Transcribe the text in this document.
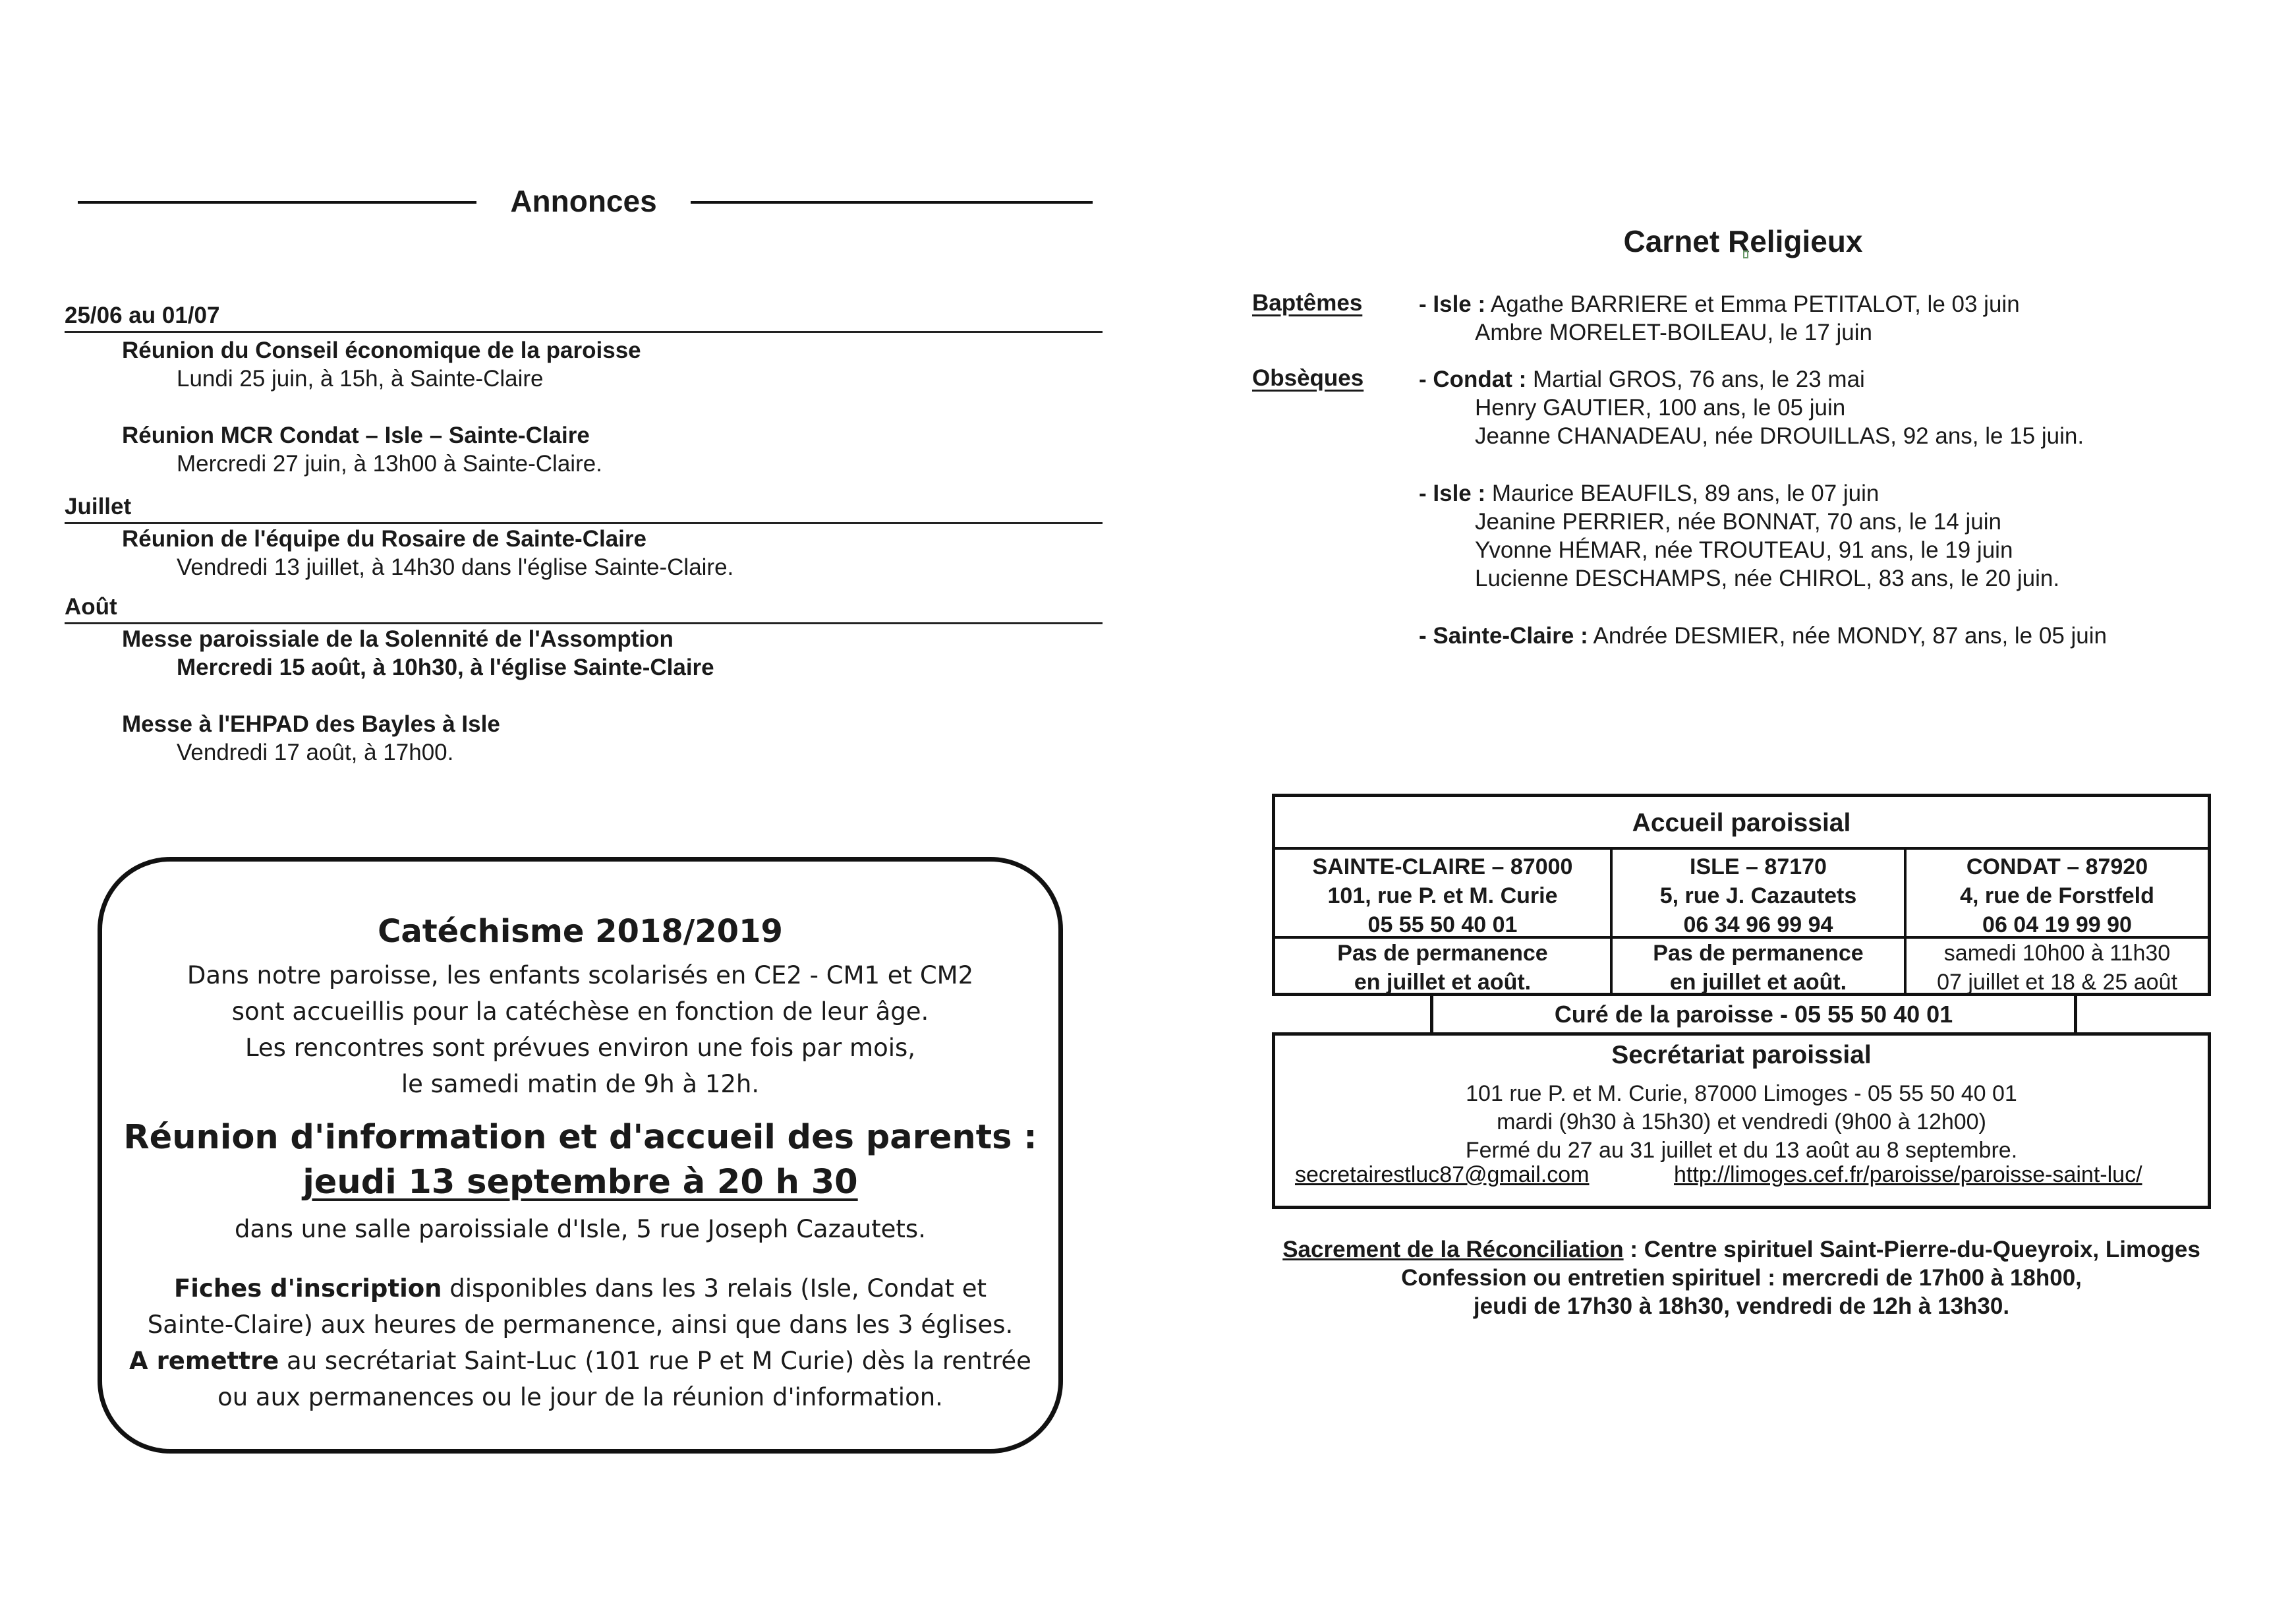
Annonces
25/06 au 01/07
Réunion du Conseil économique de la paroisse
Lundi 25 juin, à 15h, à Sainte-Claire
Réunion MCR Condat – Isle – Sainte-Claire
Mercredi 27 juin, à 13h00 à Sainte-Claire.
Juillet
Réunion de l'équipe du Rosaire de Sainte-Claire
Vendredi 13 juillet, à 14h30 dans l'église Sainte-Claire.
Août
Messe paroissiale de la Solennité de l'Assomption
Mercredi 15 août, à 10h30, à l'église Sainte-Claire
Messe à l'EHPAD des Bayles à Isle
Vendredi 17 août, à 17h00.
Catéchisme 2018/2019
Dans notre paroisse, les enfants scolarisés en CE2 - CM1 et CM2
sont accueillis pour la catéchèse en fonction de leur âge.
Les rencontres sont prévues environ une fois par mois,
le samedi matin de 9h à 12h.
Réunion d'information et d'accueil des parents :
jeudi 13 septembre à 20 h 30
dans une salle paroissiale d'Isle, 5 rue Joseph Cazautets.
Fiches d'inscription disponibles dans les 3 relais (Isle, Condat et
Sainte-Claire) aux heures de permanence, ainsi que dans les 3 églises.
A remettre au secrétariat Saint-Luc (101 rue P et M Curie) dès la rentrée
ou aux permanences ou le jour de la réunion d'information.
Carnet Religieux
Baptêmes - Isle : Agathe BARRIERE et Emma PETITALOT, le 03 juin
Ambre MORELET-BOILEAU, le 17 juin
Obsèques - Condat : Martial GROS, 76 ans, le 23 mai
Henry GAUTIER, 100 ans, le 05 juin
Jeanne CHANADEAU, née DROUILLAS, 92 ans, le 15 juin.
- Isle : Maurice BEAUFILS, 89 ans, le 07 juin
Jeanine PERRIER, née BONNAT, 70 ans, le 14 juin
Yvonne HÉMAR, née TROUTEAU, 91 ans, le 19 juin
Lucienne DESCHAMPS, née CHIROL, 83 ans, le 20 juin.
- Sainte-Claire : Andrée DESMIER, née MONDY, 87 ans, le 05 juin
Accueil paroissial
SAINTE-CLAIRE – 87000
101, rue P. et M. Curie
05 55 50 40 01
Pas de permanence
en juillet et août.
ISLE – 87170
5, rue J. Cazautets
06 34 96 99 94
Pas de permanence
en juillet et août.
CONDAT – 87920
4, rue de Forstfeld
06 04 19 99 90
samedi 10h00 à 11h30
07 juillet et 18 & 25 août
Curé de la paroisse - 05 55 50 40 01
Secrétariat paroissial
101 rue P. et M. Curie, 87000 Limoges - 05 55 50 40 01
mardi (9h30 à 15h30) et vendredi (9h00 à 12h00)
Fermé du 27 au 31 juillet et du 13 août au 8 septembre.
secretairestluc87@gmail.com	http://limoges.cef.fr/paroisse/paroisse-saint-luc/
Sacrement de la Réconciliation : Centre spirituel Saint-Pierre-du-Queyroix, Limoges
Confession ou entretien spirituel : mercredi de 17h00 à 18h00,
jeudi de 17h30 à 18h30, vendredi de 12h à 13h30.
